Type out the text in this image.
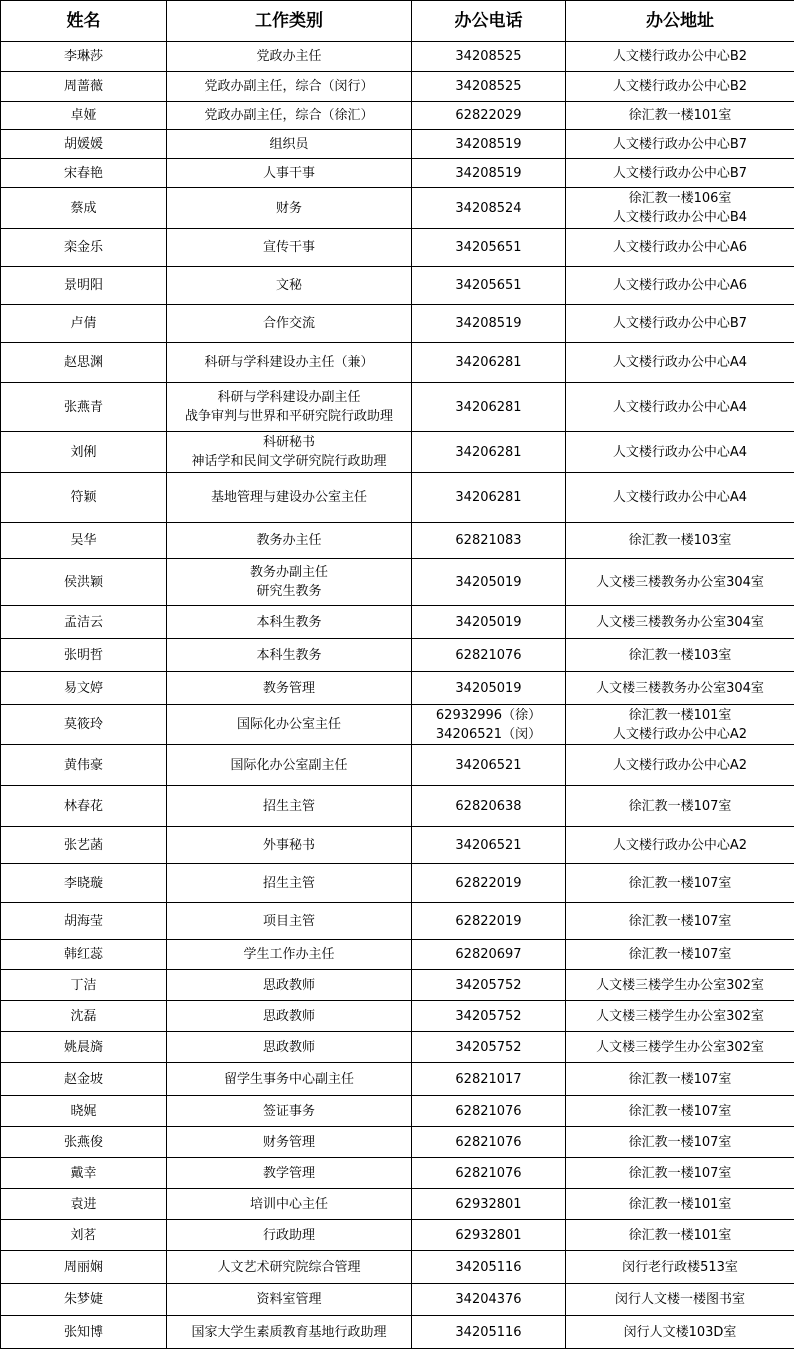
姓名	工作类别	办公电话	办公地址
李琳莎	党政办主任	34208525	人文楼行政办公中心B2

周蔷薇	党政办副主任，综合（闵行）	34208525	人文楼行政办公中心B2

卓娅	党政办副主任，综合（徐汇）	62822029	徐汇教一楼101室

胡媛媛	组织员	34208519	人文楼行政办公中心B7

宋春艳	人事干事	34208519	人文楼行政办公中心B7

蔡成	财务	34208524	徐汇教一楼106室
人文楼行政办公中心B4

栾金乐	宣传干事	34205651	人文楼行政办公中心A6

景明阳	文秘	34205651	人文楼行政办公中心A6

卢倩	合作交流	34208519	人文楼行政办公中心B7

赵思渊	科研与学科建设办主任（兼）	34206281	人文楼行政办公中心A4

张燕青	科研与学科建设办副主任
战争审判与世界和平研究院行政助理	34206281	人文楼行政办公中心A4

刘俐	科研秘书
神话学和民间文学研究院行政助理	34206281	人文楼行政办公中心A4

符颖	基地管理与建设办公室主任	34206281	人文楼行政办公中心A4

吴华	教务办主任	62821083	徐汇教一楼103室

侯洪颖	教务办副主任
研究生教务	34205019	人文楼三楼教务办公室304室

孟洁云	本科生教务	34205019	人文楼三楼教务办公室304室

张明哲	本科生教务	62821076	徐汇教一楼103室

易文婷	教务管理	34205019	人文楼三楼教务办公室304室

莫筱玲	国际化办公室主任	62932996（徐）
34206521（闵）	徐汇教一楼101室
人文楼行政办公中心A2

黄伟豪	国际化办公室副主任	34206521	人文楼行政办公中心A2

林春花	招生主管	62820638	徐汇教一楼107室

张艺菡	外事秘书	34206521	人文楼行政办公中心A2

李晓璇	招生主管	62822019	徐汇教一楼107室

胡海莹	项目主管	62822019	徐汇教一楼107室

韩红蕊	学生工作办主任	62820697	徐汇教一楼107室

丁洁	思政教师	34205752	人文楼三楼学生办公室302室

沈磊	思政教师	34205752	人文楼三楼学生办公室302室

姚晨旖	思政教师	34205752	人文楼三楼学生办公室302室

赵金坡	留学生事务中心副主任	62821017	徐汇教一楼107室

晓娓	签证事务	62821076	徐汇教一楼107室

张燕俊	财务管理	62821076	徐汇教一楼107室

戴幸	教学管理	62821076	徐汇教一楼107室

袁进	培训中心主任	62932801	徐汇教一楼101室

刘茗	行政助理	62932801	徐汇教一楼101室

周丽娴	人文艺术研究院综合管理	34205116	闵行老行政楼513室

朱梦婕	资料室管理	34204376	闵行人文楼一楼图书室

张知博	国家大学生素质教育基地行政助理	34205116	闵行人文楼103D室
